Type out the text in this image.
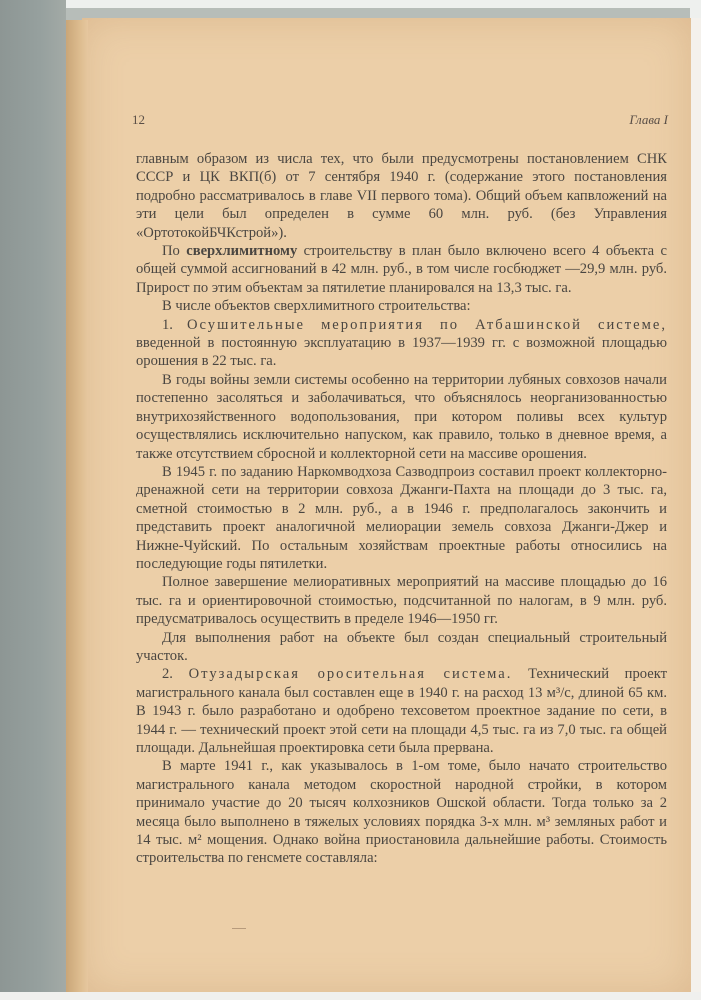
12	Глава I

главным образом из числа тех, что были предусмотрены постановлением СНК СССР и ЦК ВКП(б) от 7 сентября 1940 г. (содержание этого постановления подробно рассматривалось в главе VII первого тома). Общий объем капвложений на эти цели был определен в сумме 60 млн. руб. (без Управления «ОртотокойБЧКстрой»).

По сверхлимитному строительству в план было включено всего 4 объекта с общей суммой ассигнований в 42 млн. руб., в том числе госбюджет —29,9 млн. руб. Прирост по этим объектам за пятилетие планировался на 13,3 тыс. га.

В числе объектов сверхлимитного строительства:

1. Осушительные мероприятия по Атбашинской системе, введенной в постоянную эксплуатацию в 1937—1939 гг. с возможной площадью орошения в 22 тыс. га.

В годы войны земли системы особенно на территории лубяных совхозов начали постепенно засоляться и заболачиваться, что объяснялось неорганизованностью внутрихозяйственного водопользования, при котором поливы всех культур осуществлялись исключительно напуском, как правило, только в дневное время, а также отсутствием сбросной и коллекторной сети на массиве орошения.

В 1945 г. по заданию Наркомводхоза Сазводпроиз составил проект коллекторно-дренажной сети на территории совхоза Джанги-Пахта на площади до 3 тыс. га, сметной стоимостью в 2 млн. руб., а в 1946 г. предполагалось закончить и представить проект аналогичной мелиорации земель совхоза Джанги-Джер и Нижне-Чуйский. По остальным хозяйствам проектные работы относились на последующие годы пятилетки.

Полное завершение мелиоративных мероприятий на массиве площадью до 16 тыс. га и ориентировочной стоимостью, подсчитанной по налогам, в 9 млн. руб. предусматривалось осуществить в пределе 1946—1950 гг.

Для выполнения работ на объекте был создан специальный строительный участок.

2. Отузадырская оросительная система. Технический проект магистрального канала был составлен еще в 1940 г. на расход 13 м³/с, длиной 65 км. В 1943 г. было разработано и одобрено техсоветом проектное задание по сети, в 1944 г. — технический проект этой сети на площади 4,5 тыс. га из 7,0 тыс. га общей площади. Дальнейшая проектировка сети была прервана.

В марте 1941 г., как указывалось в 1-ом томе, было начато строительство магистрального канала методом скоростной народной стройки, в котором принимало участие до 20 тысяч колхозников Ошской области. Тогда только за 2 месяца было выполнено в тяжелых условиях порядка 3-х млн. м³ земляных работ и 14 тыс. м² мощения. Однако война приостановила дальнейшие работы. Стоимость строительства по генсмете составляла:
